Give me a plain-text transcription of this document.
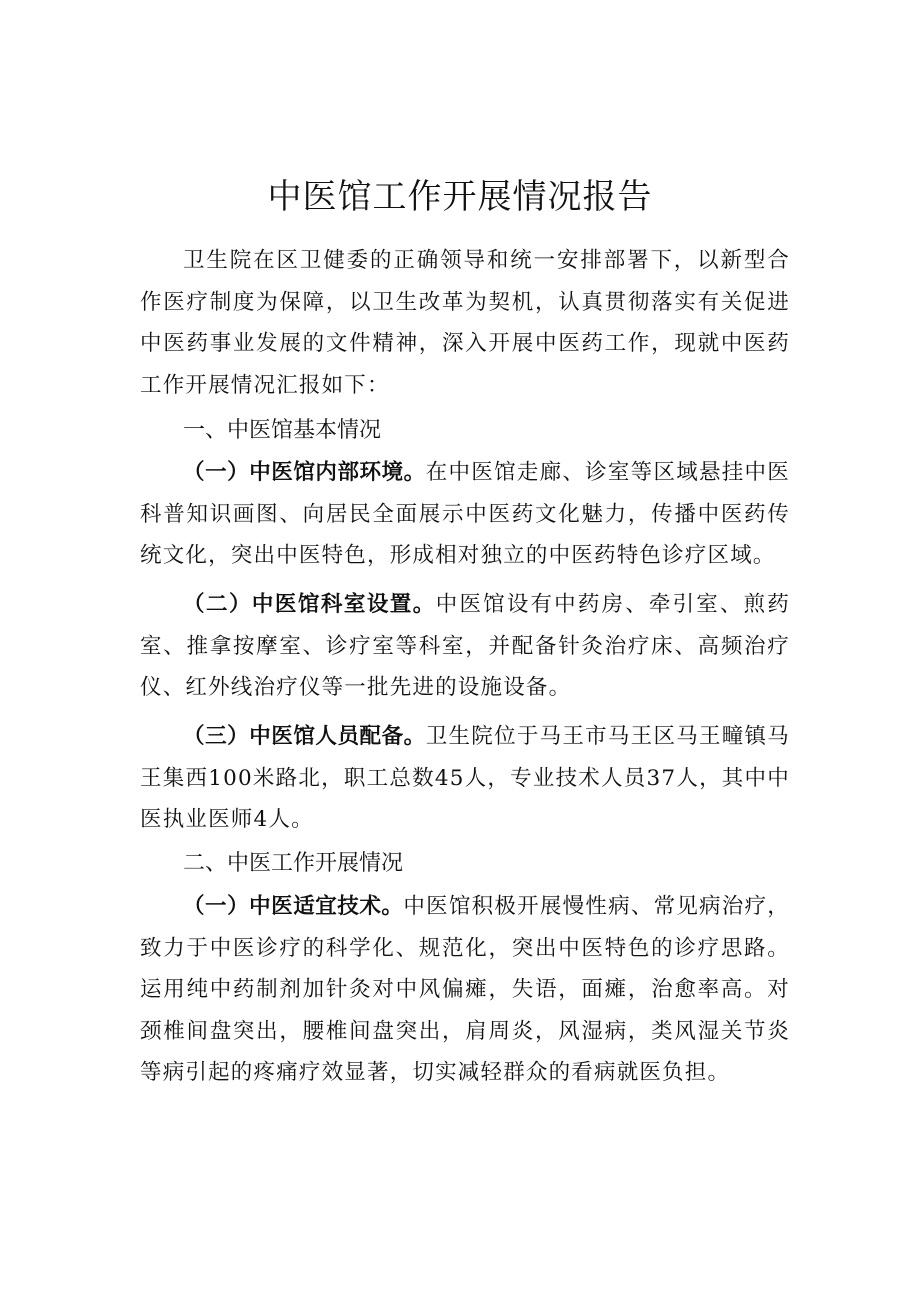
中医馆工作开展情况报告

卫生院在区卫健委的正确领导和统一安排部署下，以新型合作医疗制度为保障，以卫生改革为契机，认真贯彻落实有关促进中医药事业发展的文件精神，深入开展中医药工作，现就中医药工作开展情况汇报如下：

一、中医馆基本情况

（一）中医馆内部环境。在中医馆走廊、诊室等区域悬挂中医科普知识画图、向居民全面展示中医药文化魅力，传播中医药传统文化，突出中医特色，形成相对独立的中医药特色诊疗区域。

（二）中医馆科室设置。中医馆设有中药房、牵引室、煎药室、推拿按摩室、诊疗室等科室，并配备针灸治疗床、高频治疗仪、红外线治疗仪等一批先进的设施设备。

（三）中医馆人员配备。卫生院位于马王市马王区马王疃镇马王集西100米路北，职工总数45人，专业技术人员37人，其中中医执业医师4人。

二、中医工作开展情况

（一）中医适宜技术。中医馆积极开展慢性病、常见病治疗，致力于中医诊疗的科学化、规范化，突出中医特色的诊疗思路。运用纯中药制剂加针灸对中风偏瘫，失语，面瘫，治愈率高。对颈椎间盘突出，腰椎间盘突出，肩周炎，风湿病，类风湿关节炎等病引起的疼痛疗效显著，切实减轻群众的看病就医负担。
